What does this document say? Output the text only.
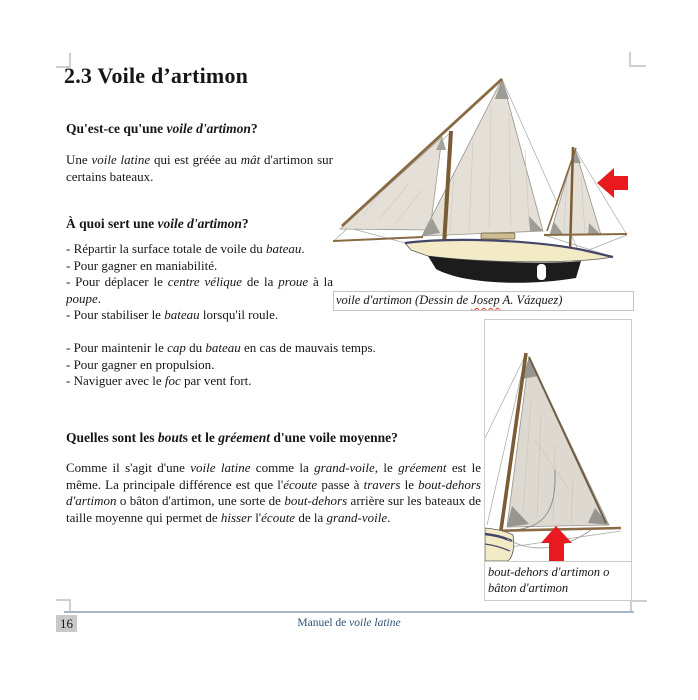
2.3 Voile d’artimon
Qu'est-ce qu'une voile d'artimon?
Une voile latine qui est gréée au mât d'artimon sur certains bateaux.
À quoi sert une voile d'artimon?
- Répartir la surface totale de voile du bateau.
- Pour gagner en maniabilité.
- Pour déplacer le centre vélique de la proue à la poupe.
- Pour stabiliser le bateau lorsqu'il roule.
- Pour maintenir le cap du bateau en cas de mauvais temps.
- Pour gagner en propulsion.
- Naviguer avec le foc par vent fort.
Quelles sont les bouts et le gréement d'une voile moyenne?
Comme il s'agit d'une voile latine comme la grand-voile, le gréement est le même. La principale différence est que l'écoute passe à travers le bout-dehors d'artimon o bâton d'artimon, une sorte de bout-dehors arrière sur les bateaux de taille moyenne qui permet de hisser l'écoute de la grand-voile.
voile d'artimon (Dessin de Josep A. Vázquez)
bout-dehors d'artimon o
bâton d'artimon
16	Manuel de voile latine
